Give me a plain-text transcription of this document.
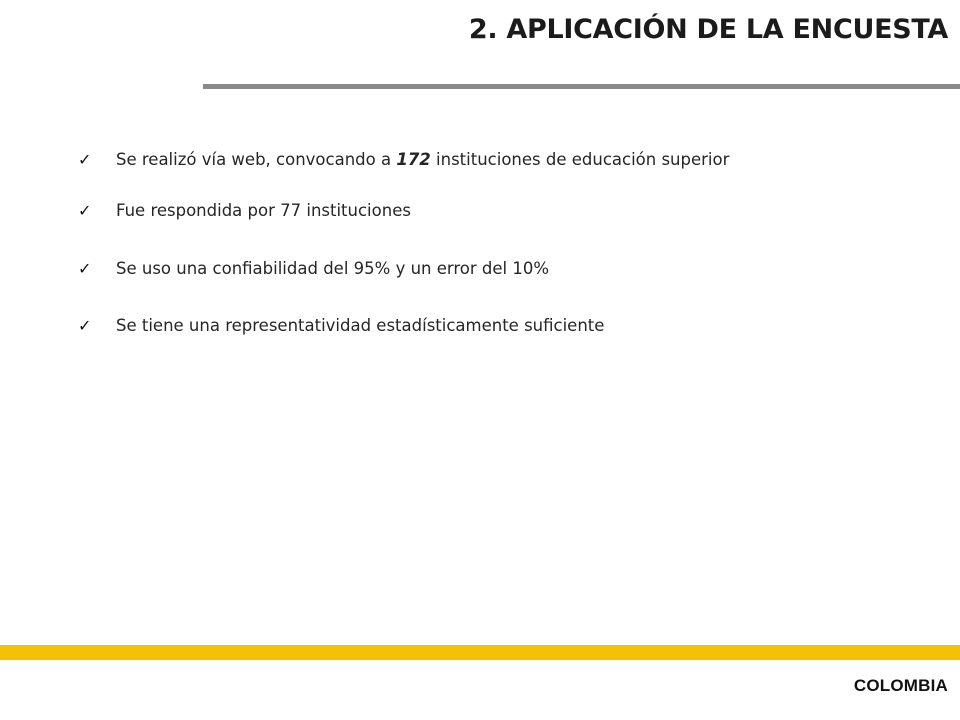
2. APLICACIÓN DE LA ENCUESTA
✓ Se realizó vía web, convocando a 172 instituciones de educación superior
✓ Fue respondida por 77 instituciones
✓ Se uso una confiabilidad del 95% y un error del 10%
✓ Se tiene una representatividad estadísticamente suficiente
COLOMBIA
